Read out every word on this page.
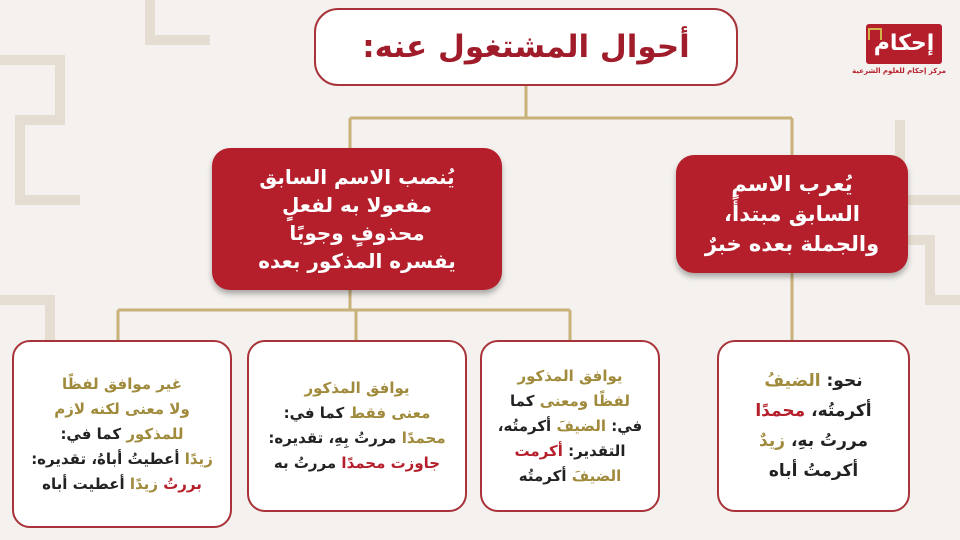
أحوال المشتغول عنه:
يُنصب الاسم السابق
مفعولا به لفعلٍ
محذوفٍ وجوبًا
يفسره المذكور بعده
يُعرب الاسم
السابق مبتدأً،
والجملة بعده خبرٌ
غير موافق لفظًا
ولا معنى لكنه لازم
للمذكور كما في:
زيدًا أعطيتُ أباهُ، تقديره:
بررتُ زيدًا أعطيت أباه
يوافق المذكور
معنى فقط كما في:
محمدًا مررتُ بِهِ، تقديره:
جاوزت محمدًا مررتُ به
يوافق المذكور
لفظًا ومعنى كما
في: الضيفَ أكرمتُه،
التقدير: أكرمت
الضيفَ أكرمتُه
نحو: الضيفُ
أكرمتُه، محمدًا
مررتُ بهِ، زيدٌ
أكرمتُ أباه
إحكام
مركز إحكام للعلوم الشرعية
